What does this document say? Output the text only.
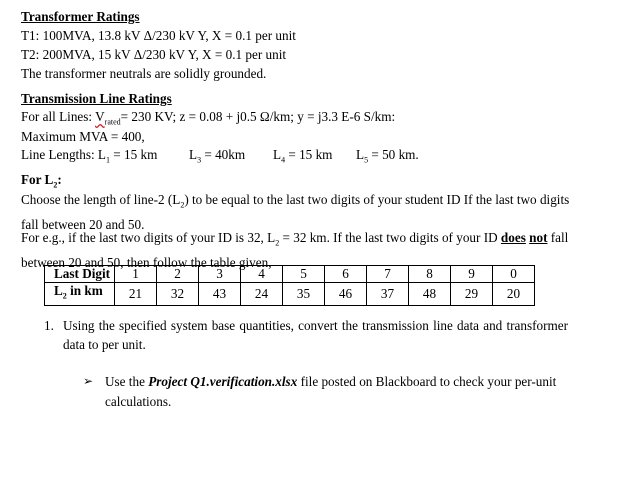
Transformer Ratings
T1: 100MVA, 13.8 kV Δ/230 kV Y, X = 0.1 per unit
T2: 200MVA, 15 kV Δ/230 kV Y, X = 0.1 per unit
The transformer neutrals are solidly grounded.
Transmission Line Ratings
For all Lines: $V_{rated}= 230$ KV; z = 0.08 + j0.5 Ω/km; y = j3.3 E-6 S/km:
Maximum MVA = 400,
Line Lengths: $L_1 = 15$ km $L_3 = 40km$ $L_4 = 15$ km $L_5 = 50$ km.
For $L_2$:
Choose the length of line-2 $(L_2)$ to be equal to the last two digits of your student ID If the last two digits fall between 20 and 50.
For e.g., if the last two digits of your ID is 32, $L_2 = 32$ km. If the last two digits of your ID does not fall between 20 and 50, then follow the table given,
Last Digit	1	2	3	4	5	6	7	8	9	0
$L_2$ in km	21	32	43	24	35	46	37	48	29	20
1. Using the specified system base quantities, convert the transmission line data and transformer data to per unit.
➢ Use the Project Q1.verification.xlsx file posted on Blackboard to check your per-unit calculations.
